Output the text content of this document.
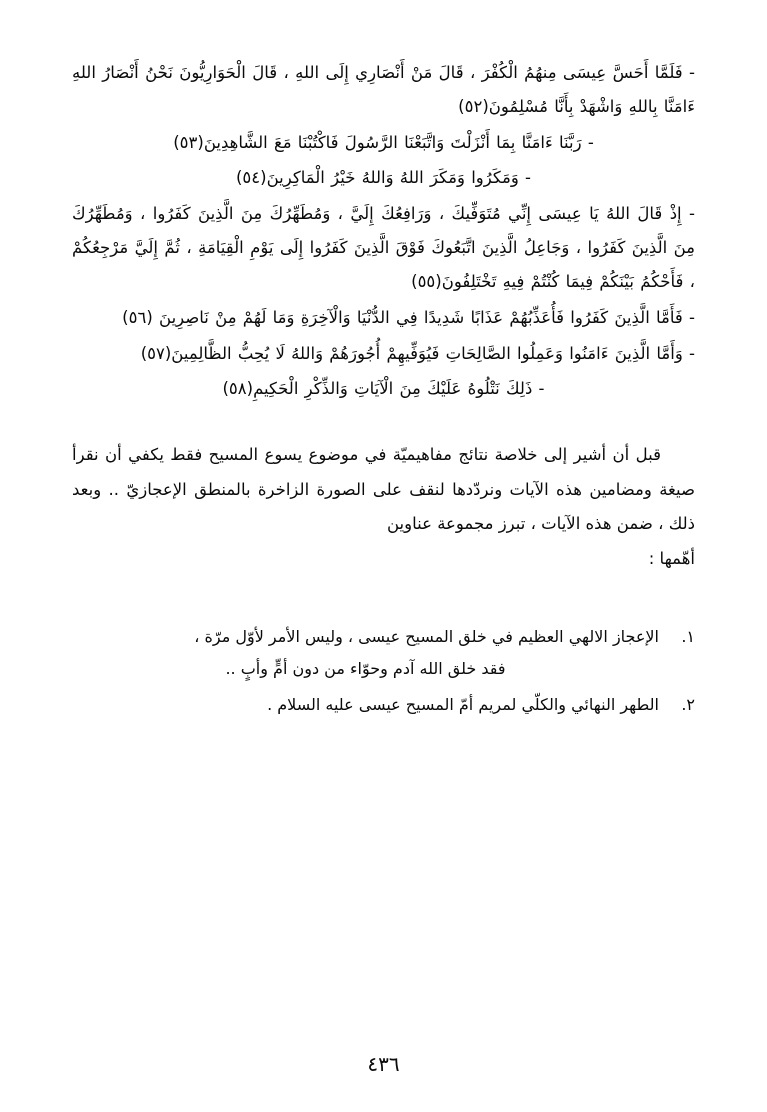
- فَلَمَّا أَحَسَّ عِيسَى مِنهُمُ الْكُفْرَ ، قَالَ مَنْ أَنْصَارِي إِلَى اللهِ ، قَالَ الْحَوَارِيُّونَ نَحْنُ أَنْصَارُ اللهِ ءَامَنَّا بِاللهِ وَاشْهَدْ بِأَنَّا مُسْلِمُونَ(٥٢)
- رَبَّنَا ءَامَنَّا بِمَا أَنْزَلْتَ وَاتَّبَعْنَا الرَّسُولَ فَاكْتُبْنَا مَعَ الشَّاهِدِينَ(٥٣)
- وَمَكَرُوا وَمَكَرَ اللهُ وَاللهُ خَيْرُ الْمَاكِرِينَ(٥٤)
- إِذْ قَالَ اللهُ يَا عِيسَى إِنِّي مُتَوَفِّيكَ ، وَرَافِعُكَ إِلَيَّ ، وَمُطَهِّرُكَ مِنَ الَّذِينَ كَفَرُوا ، وَمُطَهِّرُكَ مِنَ الَّذِينَ كَفَرُوا ، وَجَاعِلُ الَّذِينَ اتَّبَعُوكَ فَوْقَ الَّذِينَ كَفَرُوا إِلَى يَوْمِ الْقِيَامَةِ ، ثُمَّ إِلَيَّ مَرْجِعُكُمْ ، فَأَحْكُمُ بَيْنَكُمْ فِيمَا كُنْتُمْ فِيهِ تَخْتَلِفُونَ(٥٥)
- فَأَمَّا الَّذِينَ كَفَرُوا فَأُعَذِّبُهُمْ عَذَابًا شَدِيدًا فِي الدُّنْيَا وَالْآخِرَةِ وَمَا لَهُمْ مِنْ نَاصِرِينَ (٥٦)
- وَأَمَّا الَّذِينَ ءَامَنُوا وَعَمِلُوا الصَّالِحَاتِ فَيُوَفِّيهِمْ أُجُورَهُمْ وَاللهُ لَا يُحِبُّ الظَّالِمِينَ(٥٧)
- ذَلِكَ نَتْلُوهُ عَلَيْكَ مِنَ الْآيَاتِ وَالذِّكْرِ الْحَكِيمِ(٥٨)

قبل أن أشير إلى خلاصة نتائج مفاهيميّة في موضوع يسوع المسيح فقط يكفي أن نقرأ صيغة ومضامين هذه الآيات ونردّدها لنقف على الصورة الزاخرة بالمنطق الإعجازيّ .. وبعد ذلك ، ضمن هذه الآيات ، تبرز مجموعة عناوين
أهّمها :

١.
الإعجاز الالهي العظيم في خلق المسيح عيسى ، وليس الأمر لأوّل مرّة ،
فقد خلق الله آدم وحوّاء من دون أمٍّ وأبٍ ..
٢.
الطهر النهائي والكلّي لمريم أمّ المسيح عيسى عليه السلام .
٤٣٦
